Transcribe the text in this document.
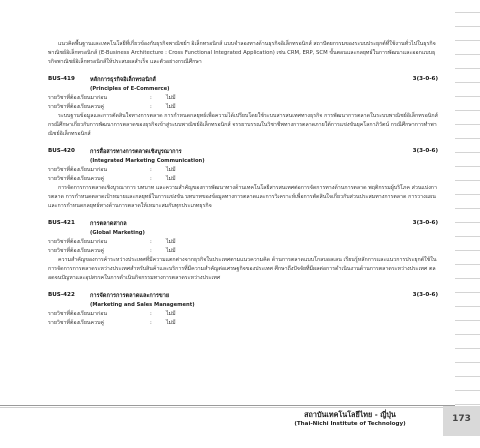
แนวคิดพื้นฐานและเทคโนโลยีที่เกี่ยวข้องกับธุรกิจพาณิชย์ฯ อิเล็กทรอนิกส์ แบบจำลองทางด้านธุรกิจอิเล็กทรอนิกส์ สถาปัตยกรรมของระบบประยุกต์ที่ใช้งานทั่วไปในธุรกิจพาณิชย์อิเล็กทรอนิกส์ (E-Business Architecture : Cross Functional Integrated Application) เช่น CRM, ERP, SCM ขั้นตอนและกลยุทธ์ในการพัฒนาและออกแบบธุรกิจพาณิชย์อิเล็กทรอนิกส์ให้ประสบผลสำเร็จ และตัวอย่างกรณีศึกษา

BUS-419	หลักการธุรกิจอิเล็กทรอนิกส์	3(3-0-6)
(Principles of E-Commerce)
รายวิชาที่ต้องเรียนมาก่อน	:	ไม่มี
รายวิชาที่ต้องเรียนควบคู่	:	ไม่มี

ระบบฐานข้อมูลและการตัดสินใจทางการตลาด การกำหนดกลยุทธ์เพื่อความได้เปรียบโดยใช้ระบบสารสนเทศทางธุรกิจ การพัฒนาการตลาดในระบบพาณิชย์อิเล็กทรอนิกส์ กรณีศึกษาเกี่ยวกับการพัฒนาการตลาดของธุรกิจเข้าสู่ระบบพาณิชย์อิเล็กทรอนิกส์ จรรยาบรรณในวิชาชีพทางการตลาดภายใต้การแข่งขันยุคโลกาภิวัตน์ กรณีศึกษาการทำพาณิชย์อิเล็กทรอนิกส์

BUS-420	การสื่อสารทางการตลาดเชิงบูรณาการ	3(3-0-6)
(Integrated Marketing Communication)
รายวิชาที่ต้องเรียนมาก่อน	:	ไม่มี
รายวิชาที่ต้องเรียนควบคู่	:	ไม่มี

การจัดการการตลาดเชิงบูรณาการ บทบาท และความสำคัญของการพัฒนาทางด้านเทคโนโลยีสารสนเทศต่อการจัดการทางด้านการตลาด พฤติกรรมผู้บริโภค ส่วนแบ่งการตลาด การกำหนดตลาดเป้าหมายและกลยุทธ์ในการแข่งขัน บทบาทของข้อมูลทางการตลาดและการวิเคราะห์เพื่อการตัดสินใจเกี่ยวกับส่วนประสมทางการตลาด การวางแผนและการกำหนดกลยุทธ์ทางด้านการตลาดให้เหมาะสมกับทุกประเภทธุรกิจ

BUS-421	การตลาดสากล	3(3-0-6)
(Global Marketing)
รายวิชาที่ต้องเรียนมาก่อน	:	ไม่มี
รายวิชาที่ต้องเรียนควบคู่	:	ไม่มี

ความสำคัญของการค้าระหว่างประเทศที่มีความแตกต่างจากธุรกิจในประเทศตามแนวความคิด ด้านการตลาดแบบโกลบอลเลน เรียนรู้หลักการและแนวการประยุกต์ใช้ในการจัดการการตลาดระหว่างประเทศสำหรับสินค้าและบริการที่มีความสำคัญต่อเศรษฐกิจของประเทศ ศึกษาถึงปัจจัยที่มีผลต่อการดำเนินงานด้านการตลาดระหว่างประเทศ ตลอดจนปัญหาและอุปสรรคในการดำเนินกิจกรรมทางการตลาดระหว่างประเทศ

BUS-422	การจัดการการตลาดและการขาย	3(3-0-6)
(Marketing and Sales Management)
รายวิชาที่ต้องเรียนมาก่อน	:	ไม่มี
รายวิชาที่ต้องเรียนควบคู่	:	ไม่มี
สถาบันเทคโนโลยีไทย - ญี่ปุ่น
(Thai-Nichi Institute of Technology)	173
